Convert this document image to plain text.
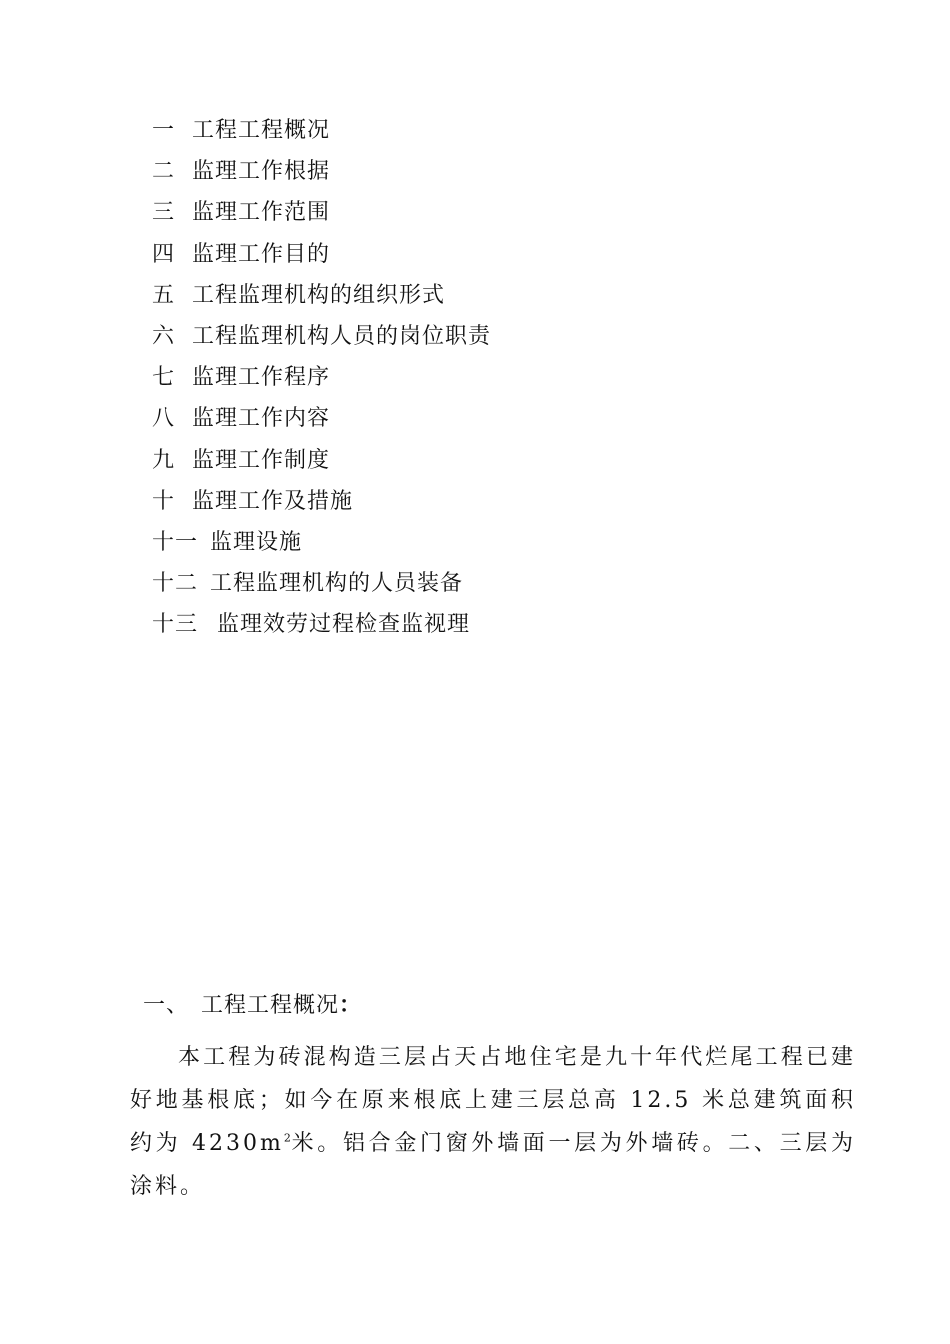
一 工程工程概况
二 监理工作根据
三 监理工作范围
四 监理工作目的
五 工程监理机构的组织形式
六 工程监理机构人员的岗位职责
七 监理工作程序
八 监理工作内容
九 监理工作制度
十 监理工作及措施
十一 监理设施
十二 工程监理机构的人员装备
十三 监理效劳过程检查监视理
一、 工程工程概况：

本工程为砖混构造三层占天占地住宅是九十年代烂尾工程已建好地基根底；如今在原来根底上建三层总高 12.5 米总建筑面积约为 $4230m^2$米。铝合金门窗外墙面一层为外墙砖。二、三层为涂料。
